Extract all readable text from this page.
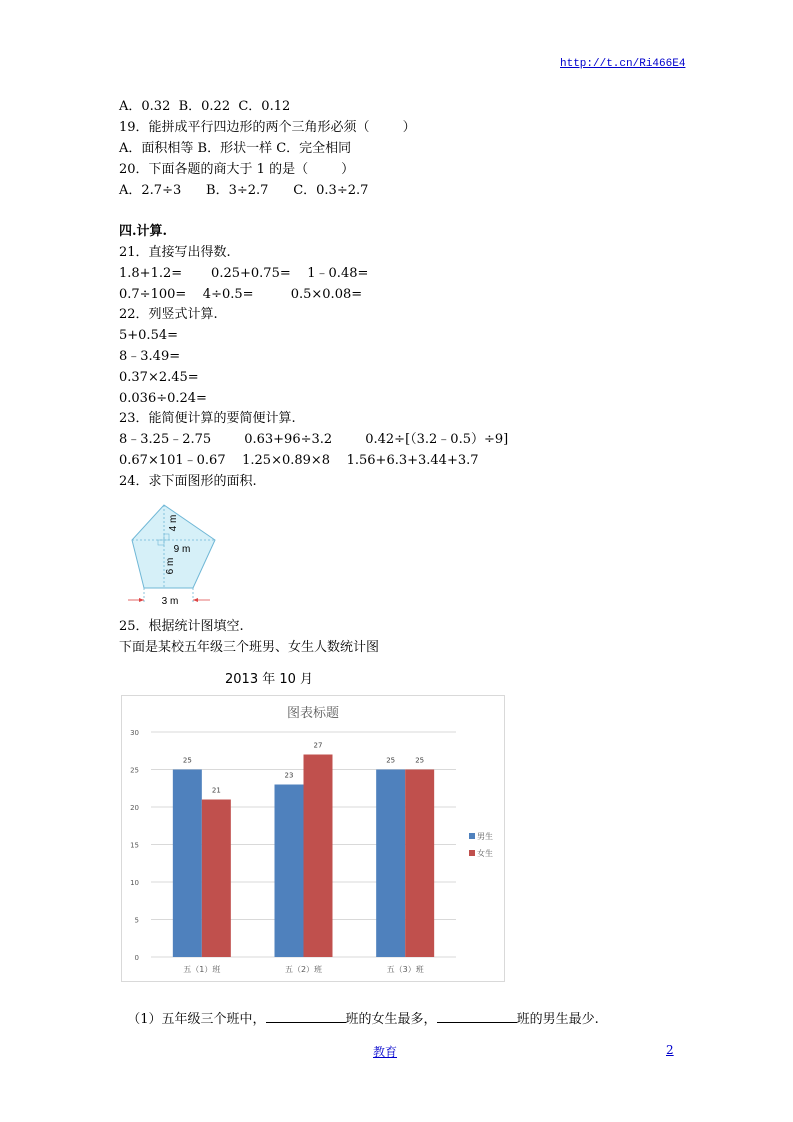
http://t.cn/Ri466E4
A．0.32  B．0.22  C．0.12
19．能拼成平行四边形的两个三角形必须（        ）
A．面积相等 B．形状一样 C．完全相同
20．下面各题的商大于 1 的是（        ）
A．2.7÷3      B．3÷2.7      C．0.3÷2.7
四.计算.
21．直接写出得数.
1.8+1.2=       0.25+0.75=    1﹣0.48=
0.7÷100=    4÷0.5=         0.5×0.08=
22．列竖式计算.
5+0.54=
8﹣3.49=
0.37×2.45=
0.036÷0.24=
23．能简便计算的要简便计算.
8﹣3.25﹣2.75        0.63+96÷3.2        0.42÷[（3.2﹣0.5）÷9]
0.67×101﹣0.67    1.25×0.89×8    1.56+6.3+3.44+3.7
24．求下面图形的面积.
4 m
9 m
6 m
3 m
25．根据统计图填空.
下面是某校五年级三个班男、女生人数统计图
2013 年 10 月
图表标题
0
5
10
15
20
25
30
25
21
五（1）班
23
27
五（2）班
25	25
五（3）班
男生
女生

（1）五年级三个班中，	班的女生最多，	班的男生最少.

教育	2
